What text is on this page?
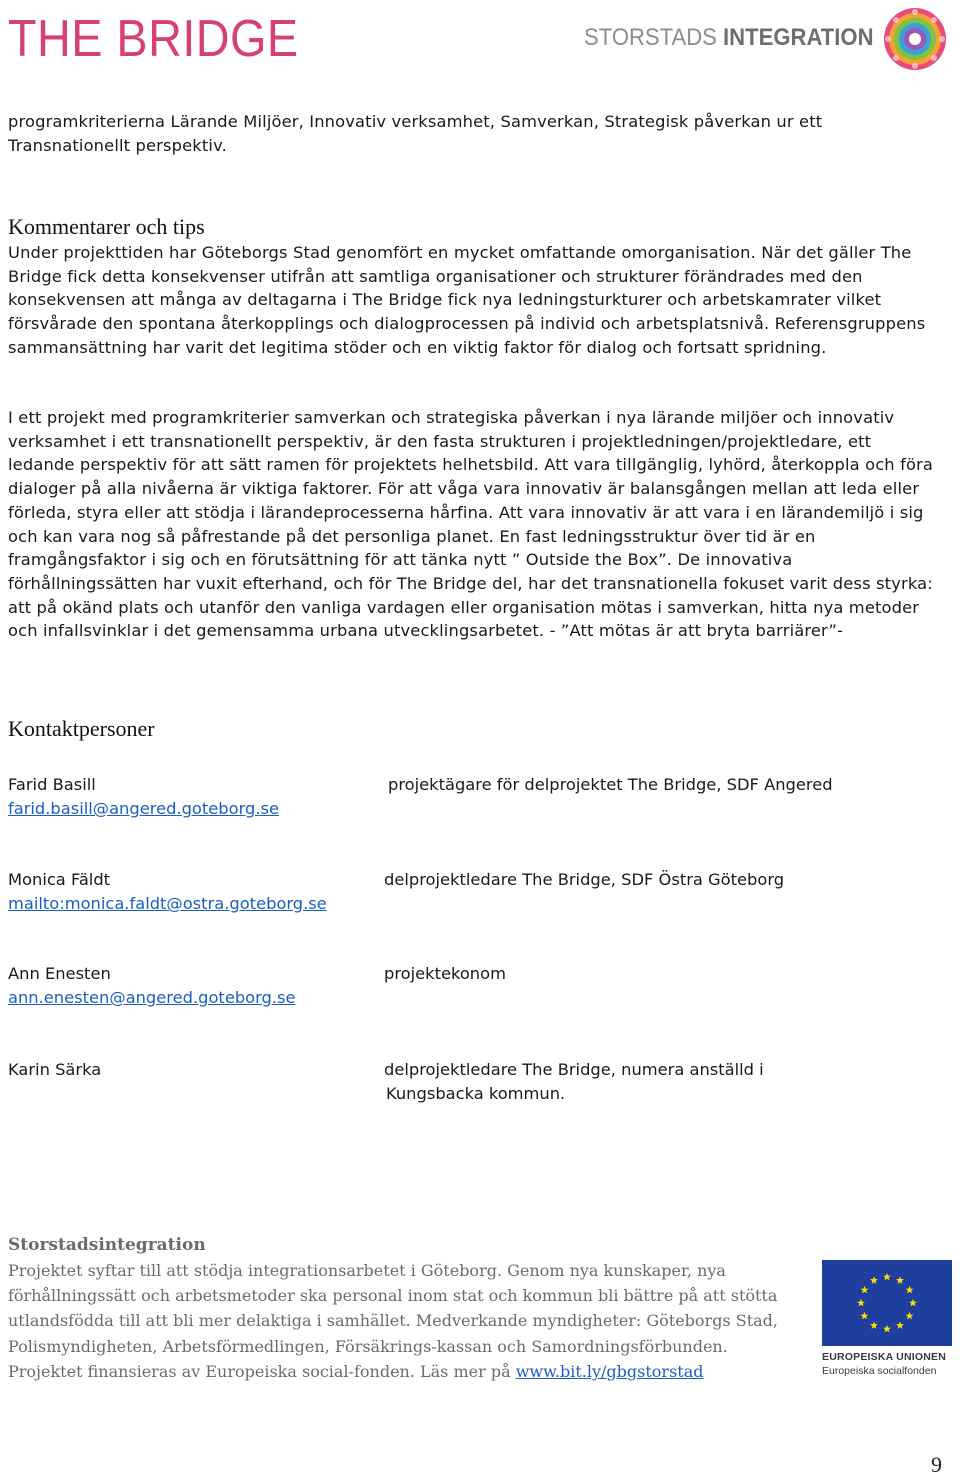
THE BRIDGE	STORSTADS INTEGRATION

programkriterierna Lärande Miljöer, Innovativ verksamhet, Samverkan, Strategisk påverkan ur ett Transnationellt perspektiv.

Kommentarer och tips

Under projekttiden har Göteborgs Stad genomfört en mycket omfattande omorganisation. När det gäller The Bridge fick detta konsekvenser utifrån att samtliga organisationer och strukturer förändrades med den konsekvensen att många av deltagarna i The Bridge fick nya ledningsturkturer och arbetskamrater vilket försvårade den spontana återkopplings och dialogprocessen på individ och arbetsplatsnivå. Referensgruppens sammansättning har varit det legitima stöder och en viktig faktor för dialog och fortsatt spridning.

I ett projekt med programkriterier samverkan och strategiska påverkan i nya lärande miljöer och innovativ verksamhet i ett transnationellt perspektiv, är den fasta strukturen i projektledningen/projektledare, ett ledande perspektiv för att sätt ramen för projektets helhetsbild. Att vara tillgänglig, lyhörd, återkoppla och föra dialoger på alla nivåerna är viktiga faktorer. För att våga vara innovativ är balansgången mellan att leda eller förleda, styra eller att stödja i lärandeprocesserna hårfina. Att vara innovativ är att vara i en lärandemiljö i sig och kan vara nog så påfrestande på det personliga planet. En fast ledningsstruktur över tid är en framgångsfaktor i sig och en förutsättning för att tänka nytt ” Outside the Box”. De innovativa förhållningssätten har vuxit efterhand, och för The Bridge del, har det transnationella fokuset varit dess styrka: att på okänd plats och utanför den vanliga vardagen eller organisation mötas i samverkan, hitta nya metoder och infallsvinklar i det gemensamma urbana utvecklingsarbetet. - ”Att mötas är att bryta barriärer”-

Kontaktpersoner
Farid Basill
farid.basill@angered.goteborg.se
projektägare för delprojektet The Bridge, SDF Angered
Monica Fäldt
mailto:monica.faldt@ostra.goteborg.se
delprojektledare The Bridge, SDF Östra Göteborg
Ann Enesten
ann.enesten@angered.goteborg.se
projektekonom
Karin Särka	delprojektledare The Bridge, numera anställd i
Kungsbacka kommun.
Storstadsintegration

Projektet syftar till att stödja integrationsarbetet i Göteborg. Genom nya kunskaper, nya förhållningssätt och arbetsmetoder ska personal inom stat och kommun bli bättre på att stötta utlandsfödda till att bli mer delaktiga i samhället. Medverkande myndigheter: Göteborgs Stad, Polismyndigheten, Arbetsförmedlingen, Försäkrings-kassan och Samordningsförbunden. Projektet finansieras av Europeiska social-fonden. Läs mer på www.bit.ly/gbgstorstad

EUROPEISKA UNIONEN
Europeiska socialfonden
9
